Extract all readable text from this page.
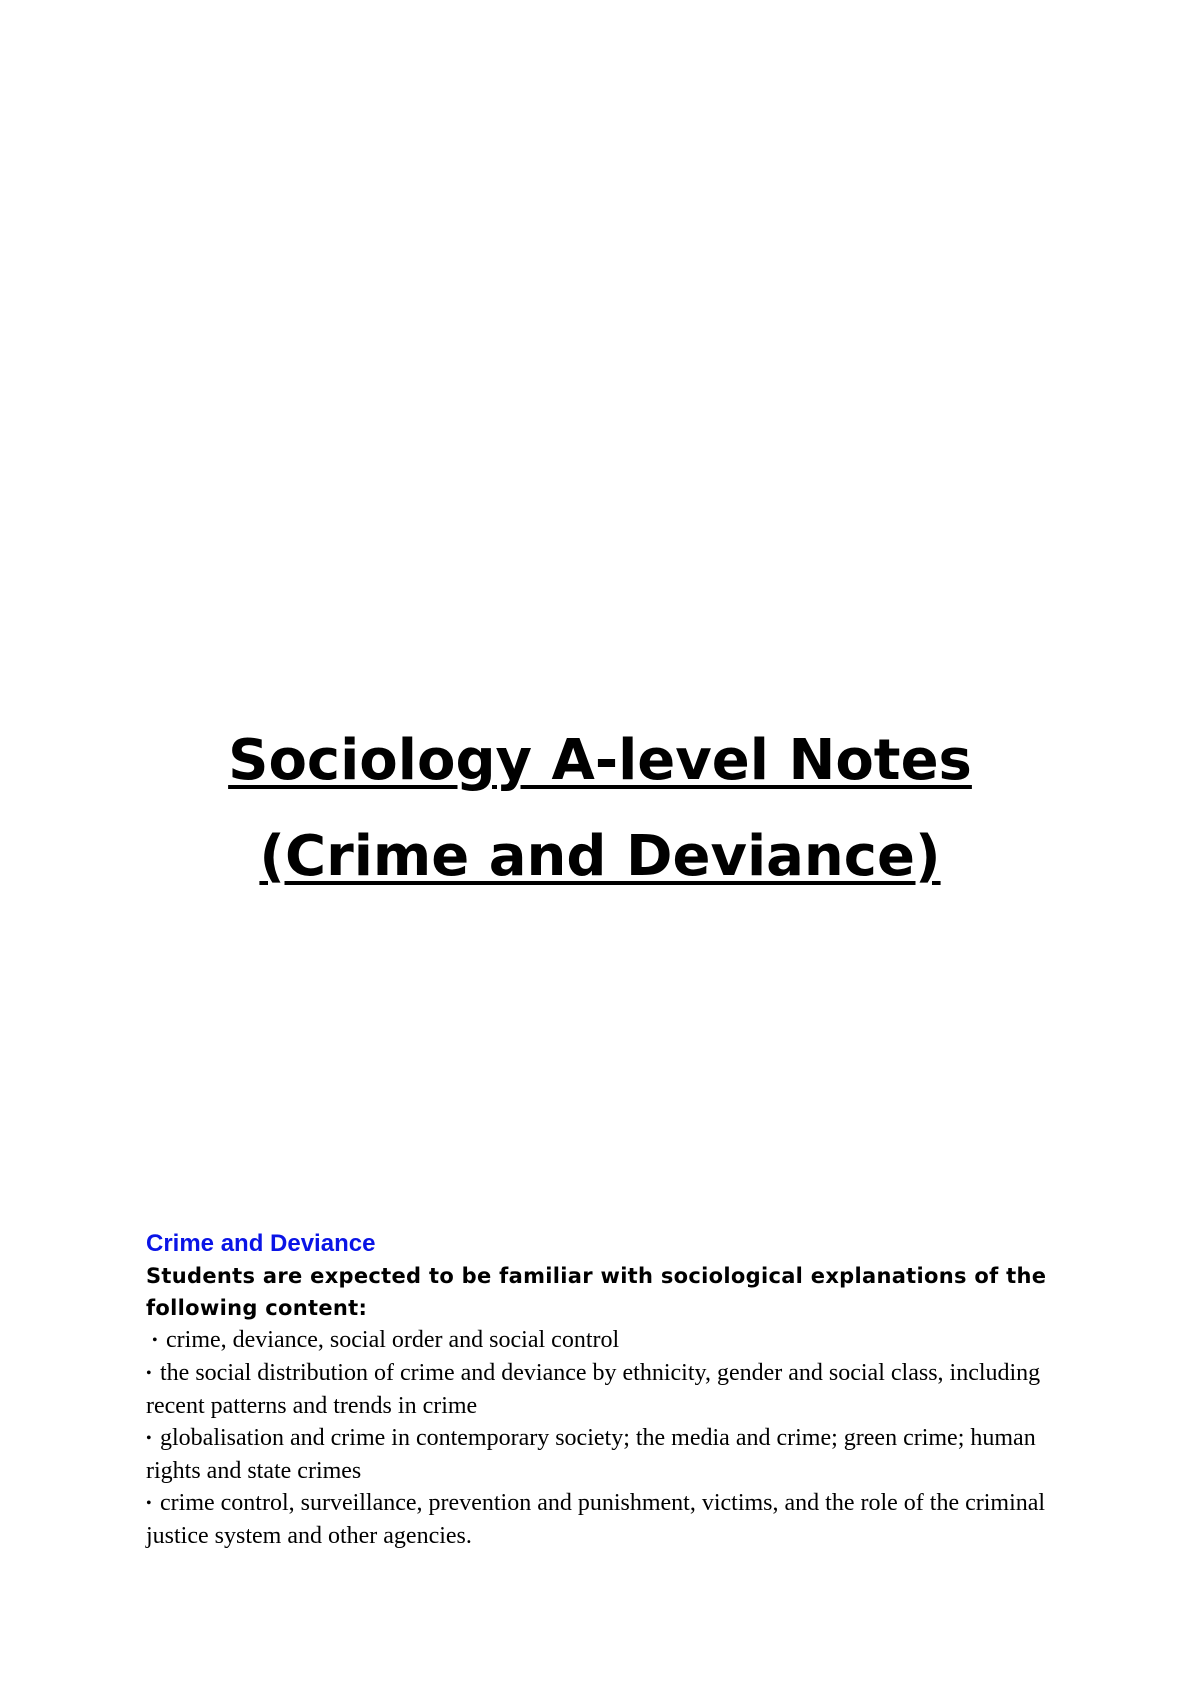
Sociology A-level Notes
(Crime and Deviance)

Crime and Deviance

Students are expected to be familiar with sociological explanations of the following content:

• crime, deviance, social order and social control
• the social distribution of crime and deviance by ethnicity, gender and social class, including recent patterns and trends in crime
• globalisation and crime in contemporary society; the media and crime; green crime; human rights and state crimes
• crime control, surveillance, prevention and punishment, victims, and the role of the criminal justice system and other agencies.
